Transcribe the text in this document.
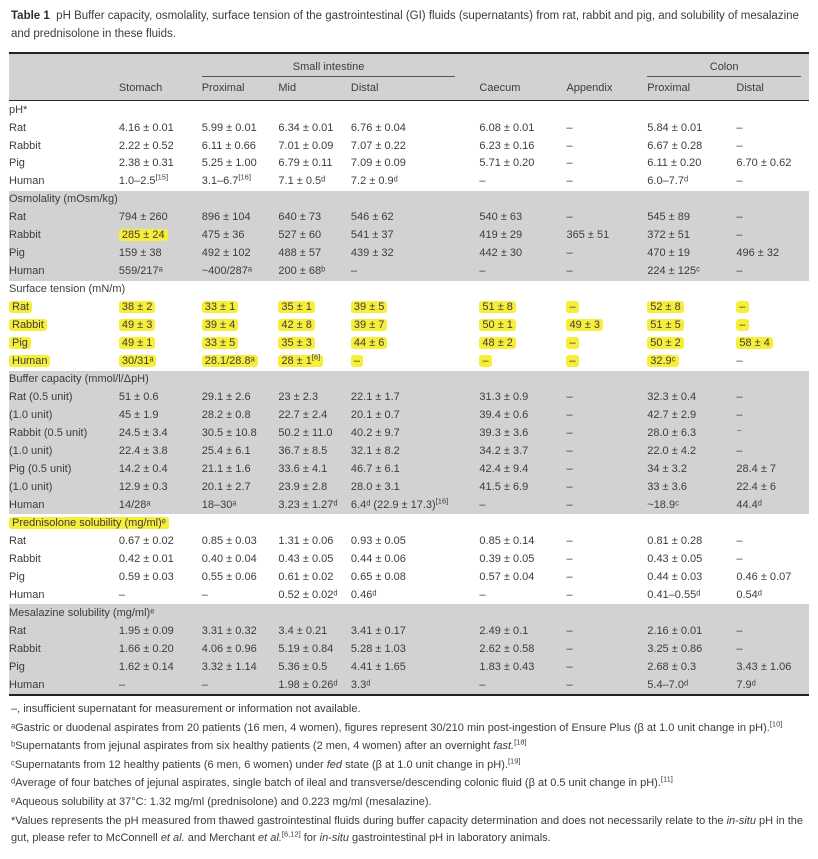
Table 1 pH Buffer capacity, osmolality, surface tension of the gastrointestinal (GI) fluids (supernatants) from rat, rabbit and pig, and solubility of mesalazine and prednisolone in these fluids.

		Small intestine					Colon	

	Stomach	Proximal	Mid	Distal	Caecum	Appendix	Proximal	Distal
pH*								
Rat	4.16 ± 0.01	5.99 ± 0.01	6.34 ± 0.01	6.76 ± 0.04	6.08 ± 0.01	–	5.84 ± 0.01	–
Rabbit	2.22 ± 0.52	6.11 ± 0.66	7.01 ± 0.09	7.07 ± 0.22	6.23 ± 0.16	–	6.67 ± 0.28	–
Pig	2.38 ± 0.31	5.25 ± 1.00	6.79 ± 0.11	7.09 ± 0.09	5.71 ± 0.20	–	6.11 ± 0.20	6.70 ± 0.62
Human	1.0–2.5[15]	3.1–6.7[16]	7.1 ± 0.5ᵈ	7.2 ± 0.9ᵈ	–	–	6.0–7.7ᵈ	–
Osmolality (mOsm/kg)								
Rat	794 ± 260	896 ± 104	640 ± 73	546 ± 62	540 ± 63	–	545 ± 89	–
Rabbit	285 ± 24	475 ± 36	527 ± 60	541 ± 37	419 ± 29	365 ± 51	372 ± 51	–
Pig	159 ± 38	492 ± 102	488 ± 57	439 ± 32	442 ± 30	–	470 ± 19	496 ± 32
Human	559/217ᵃ	~400/287ᵃ	200 ± 68ᵇ	–	–	–	224 ± 125ᶜ	–
Surface tension (mN/m)								
Rat	38 ± 2	33 ± 1	35 ± 1	39 ± 5	51 ± 8	–	52 ± 8	–
Rabbit	49 ± 3	39 ± 4	42 ± 8	39 ± 7	50 ± 1	49 ± 3	51 ± 5	–
Pig	49 ± 1	33 ± 5	35 ± 3	44 ± 6	48 ± 2	–	50 ± 2	58 ± 4
Human	30/31ᵃ	28.1/28.8ᵃ	28 ± 1[6]	–	–	–	32.9ᶜ	–
Buffer capacity (mmol/l/ΔpH)								
Rat (0.5 unit)	51 ± 0.6	29.1 ± 2.6	23 ± 2.3	22.1 ± 1.7	31.3 ± 0.9	–	32.3 ± 0.4	–
(1.0 unit)	45 ± 1.9	28.2 ± 0.8	22.7 ± 2.4	20.1 ± 0.7	39.4 ± 0.6	–	42.7 ± 2.9	–
Rabbit (0.5 unit)	24.5 ± 3.4	30.5 ± 10.8	50.2 ± 11.0	40.2 ± 9.7	39.3 ± 3.6	–	28.0 ± 6.3	⁻
(1.0 unit)	22.4 ± 3.8	25.4 ± 6.1	36.7 ± 8.5	32.1 ± 8.2	34.2 ± 3.7	–	22.0 ± 4.2	–
Pig (0.5 unit)	14.2 ± 0.4	21.1 ± 1.6	33.6 ± 4.1	46.7 ± 6.1	42.4 ± 9.4	–	34 ± 3.2	28.4 ± 7
(1.0 unit)	12.9 ± 0.3	20.1 ± 2.7	23.9 ± 2.8	28.0 ± 3.1	41.5 ± 6.9	–	33 ± 3.6	22.4 ± 6
Human	14/28ᵃ	18–30ᵃ	3.23 ± 1.27ᵈ	6.4ᵈ (22.9 ± 17.3)[16]	–	–	~18.9ᶜ	44.4ᵈ
Prednisolone solubility (mg/ml)ᵉ								
Rat	0.67 ± 0.02	0.85 ± 0.03	1.31 ± 0.06	0.93 ± 0.05	0.85 ± 0.14	–	0.81 ± 0.28	–
Rabbit	0.42 ± 0.01	0.40 ± 0.04	0.43 ± 0.05	0.44 ± 0.06	0.39 ± 0.05	–	0.43 ± 0.05	–
Pig	0.59 ± 0.03	0.55 ± 0.06	0.61 ± 0.02	0.65 ± 0.08	0.57 ± 0.04	–	0.44 ± 0.03	0.46 ± 0.07
Human	–	–	0.52 ± 0.02ᵈ	0.46ᵈ	–	–	0.41–0.55ᵈ	0.54ᵈ
Mesalazine solubility (mg/ml)ᵉ								
Rat	1.95 ± 0.09	3.31 ± 0.32	3.4 ± 0.21	3.41 ± 0.17	2.49 ± 0.1	–	2.16 ± 0.01	–
Rabbit	1.66 ± 0.20	4.06 ± 0.96	5.19 ± 0.84	5.28 ± 1.03	2.62 ± 0.58	–	3.25 ± 0.86	–
Pig	1.62 ± 0.14	3.32 ± 1.14	5.36 ± 0.5	4.41 ± 1.65	1.83 ± 0.43	–	2.68 ± 0.3	3.43 ± 1.06
Human	–	–	1.98 ± 0.26ᵈ	3.3ᵈ	–	–	5.4–7.0ᵈ	7.9ᵈ

–, insufficient supernatant for measurement or information not available.

ᵃGastric or duodenal aspirates from 20 patients (16 men, 4 women), figures represent 30/210 min post-ingestion of Ensure Plus (β at 1.0 unit change in pH).[10]

ᵇSupernatants from jejunal aspirates from six healthy patients (2 men, 4 women) after an overnight fast.[18]

ᶜSupernatants from 12 healthy patients (6 men, 6 women) under fed state (β at 1.0 unit change in pH).[19]

ᵈAverage of four batches of jejunal aspirates, single batch of ileal and transverse/descending colonic fluid (β at 0.5 unit change in pH).[11]

ᵉAqueous solubility at 37°C: 1.32 mg/ml (prednisolone) and 0.223 mg/ml (mesalazine).

*Values represents the pH measured from thawed gastrointestinal fluids during buffer capacity determination and does not necessarily relate to the in-situ pH in the gut, please refer to McConnell et al. and Merchant et al.[6,12] for in-situ gastrointestinal pH in laboratory animals.
